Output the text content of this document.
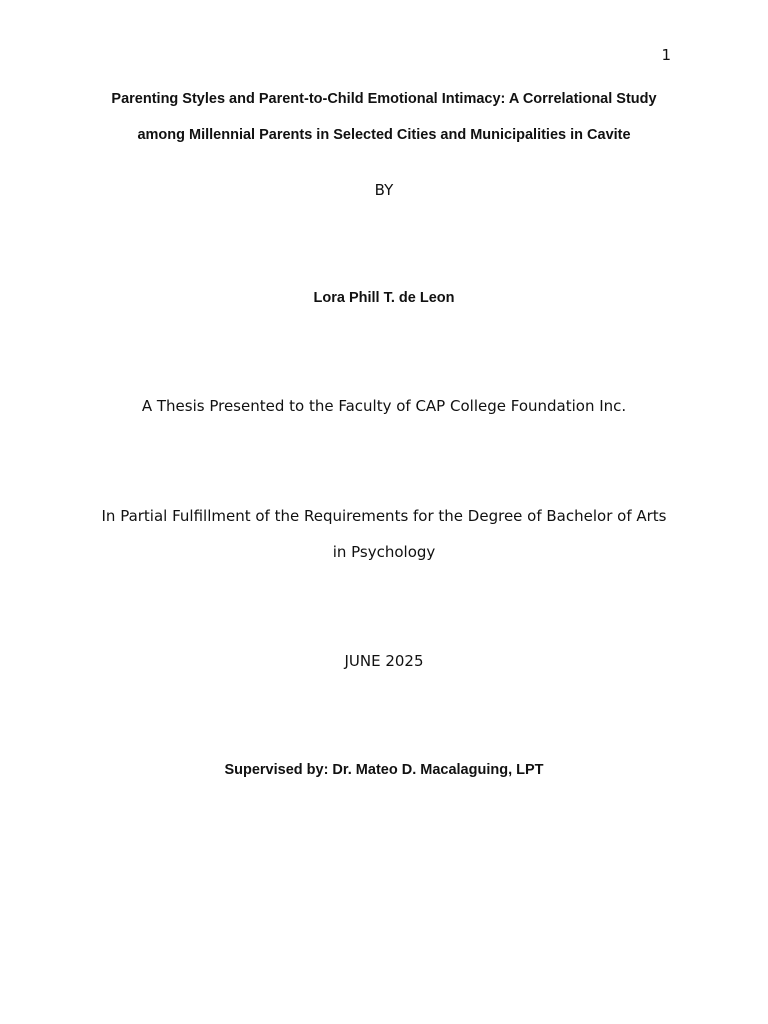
1
Parenting Styles and Parent-to-Child Emotional Intimacy: A Correlational Study
among Millennial Parents in Selected Cities and Municipalities in Cavite
BY
Lora Phill T. de Leon
A Thesis Presented to the Faculty of CAP College Foundation Inc.
In Partial Fulfillment of the Requirements for the Degree of Bachelor of Arts
in Psychology
JUNE 2025
Supervised by: Dr. Mateo D. Macalaguing, LPT
